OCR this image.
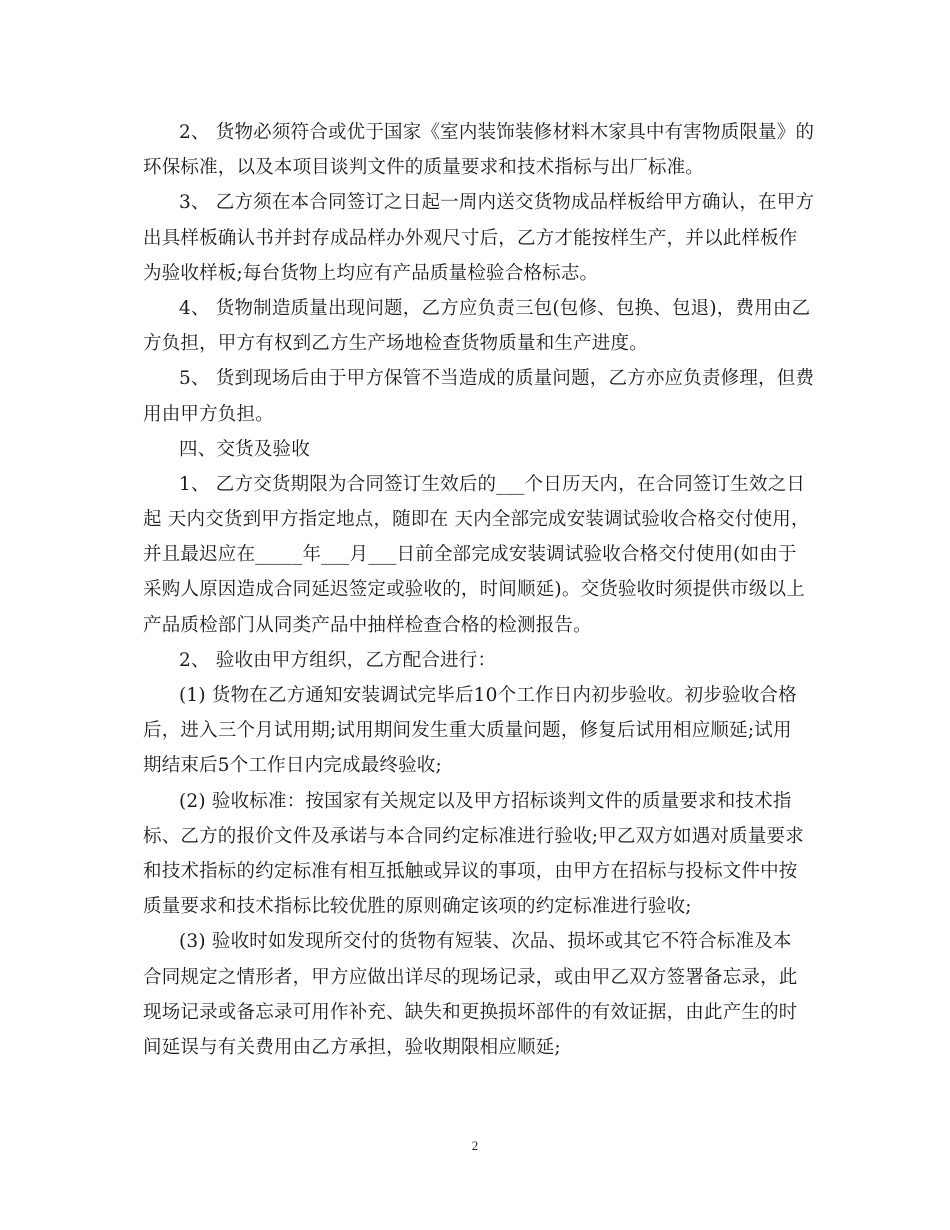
2、 货物必须符合或优于国家《室内装饰装修材料木家具中有害物质限量》的
环保标准，以及本项目谈判文件的质量要求和技术指标与出厂标准。
3、 乙方须在本合同签订之日起一周内送交货物成品样板给甲方确认，在甲方
出具样板确认书并封存成品样办外观尺寸后，乙方才能按样生产，并以此样板作
为验收样板;每台货物上均应有产品质量检验合格标志。
4、 货物制造质量出现问题，乙方应负责三包(包修、包换、包退)，费用由乙
方负担，甲方有权到乙方生产场地检查货物质量和生产进度。
5、 货到现场后由于甲方保管不当造成的质量问题，乙方亦应负责修理，但费
用由甲方负担。
四、交货及验收
1、 乙方交货期限为合同签订生效后的___个日历天内，在合同签订生效之日
起 天内交货到甲方指定地点，随即在 天内全部完成安装调试验收合格交付使用，
并且最迟应在_____年___月___日前全部完成安装调试验收合格交付使用(如由于
采购人原因造成合同延迟签定或验收的，时间顺延)。交货验收时须提供市级以上
产品质检部门从同类产品中抽样检查合格的检测报告。
2、 验收由甲方组织，乙方配合进行：
(1) 货物在乙方通知安装调试完毕后10个工作日内初步验收。初步验收合格
后，进入三个月试用期;试用期间发生重大质量问题，修复后试用相应顺延;试用
期结束后5个工作日内完成最终验收;
(2) 验收标准：按国家有关规定以及甲方招标谈判文件的质量要求和技术指
标、乙方的报价文件及承诺与本合同约定标准进行验收;甲乙双方如遇对质量要求
和技术指标的约定标准有相互抵触或异议的事项，由甲方在招标与投标文件中按
质量要求和技术指标比较优胜的原则确定该项的约定标准进行验收;
(3) 验收时如发现所交付的货物有短装、次品、损坏或其它不符合标准及本
合同规定之情形者，甲方应做出详尽的现场记录，或由甲乙双方签署备忘录，此
现场记录或备忘录可用作补充、缺失和更换损坏部件的有效证据，由此产生的时
间延误与有关费用由乙方承担，验收期限相应顺延;
2
